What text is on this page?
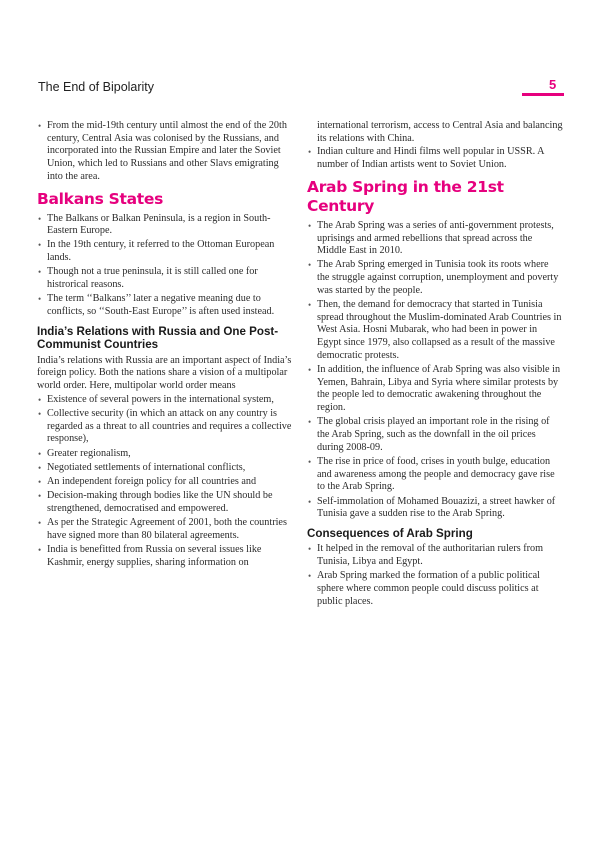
The End of Bipolarity	5
• From the mid-19th century until almost the end of the 20th century, Central Asia was colonised by the Russians, and incorporated into the Russian Empire and later the Soviet Union, which led to Russians and other Slavs emigrating into the area.
Balkans States
• The Balkans or Balkan Peninsula, is a region in South-Eastern Europe.
• In the 19th century, it referred to the Ottoman European lands.
• Though not a true peninsula, it is still called one for histrorical reasons.
• The term ‘‘Balkans’’ later a negative meaning due to conflicts, so ‘‘South-East Europe’’ is aften used instead.
India’s Relations with Russia and One Post-Communist Countries
India’s relations with Russia are an important aspect of India’s foreign policy. Both the nations share a vision of a multipolar world order. Here, multipolar world order means
• Existence of several powers in the international system,
• Collective security (in which an attack on any country is regarded as a threat to all countries and requires a collective response),
• Greater regionalism,
• Negotiated settlements of international conflicts,
• An independent foreign policy for all countries and
• Decision-making through bodies like the UN should be strengthened, democratised and empowered.
• As per the Strategic Agreement of 2001, both the countries have signed more than 80 bilateral agreements.
• India is benefitted from Russia on several issues like Kashmir, energy supplies, sharing information on
international terrorism, access to Central Asia and balancing its relations with China.
• Indian culture and Hindi films well popular in USSR. A number of Indian artists went to Soviet Union.
Arab Spring in the 21st Century
• The Arab Spring was a series of anti-government protests, uprisings and armed rebellions that spread across the Middle East in 2010.
• The Arab Spring emerged in Tunisia took its roots where the struggle against corruption, unemployment and poverty was started by the people.
• Then, the demand for democracy that started in Tunisia spread throughout the Muslim-dominated Arab Countries in West Asia. Hosni Mubarak, who had been in power in Egypt since 1979, also collapsed as a result of the massive democratic protests.
• In addition, the influence of Arab Spring was also visible in Yemen, Bahrain, Libya and Syria where similar protests by the people led to democratic awakening throughout the region.
• The global crisis played an important role in the rising of the Arab Spring, such as the downfall in the oil prices during 2008-09.
• The rise in price of food, crises in youth bulge, education and awareness among the people and democracy gave rise to the Arab Spring.
• Self-immolation of Mohamed Bouazizi, a street hawker of Tunisia gave a sudden rise to the Arab Spring.
Consequences of Arab Spring
• It helped in the removal of the authoritarian rulers from Tunisia, Libya and Egypt.
• Arab Spring marked the formation of a public political sphere where common people could discuss politics at public places.
